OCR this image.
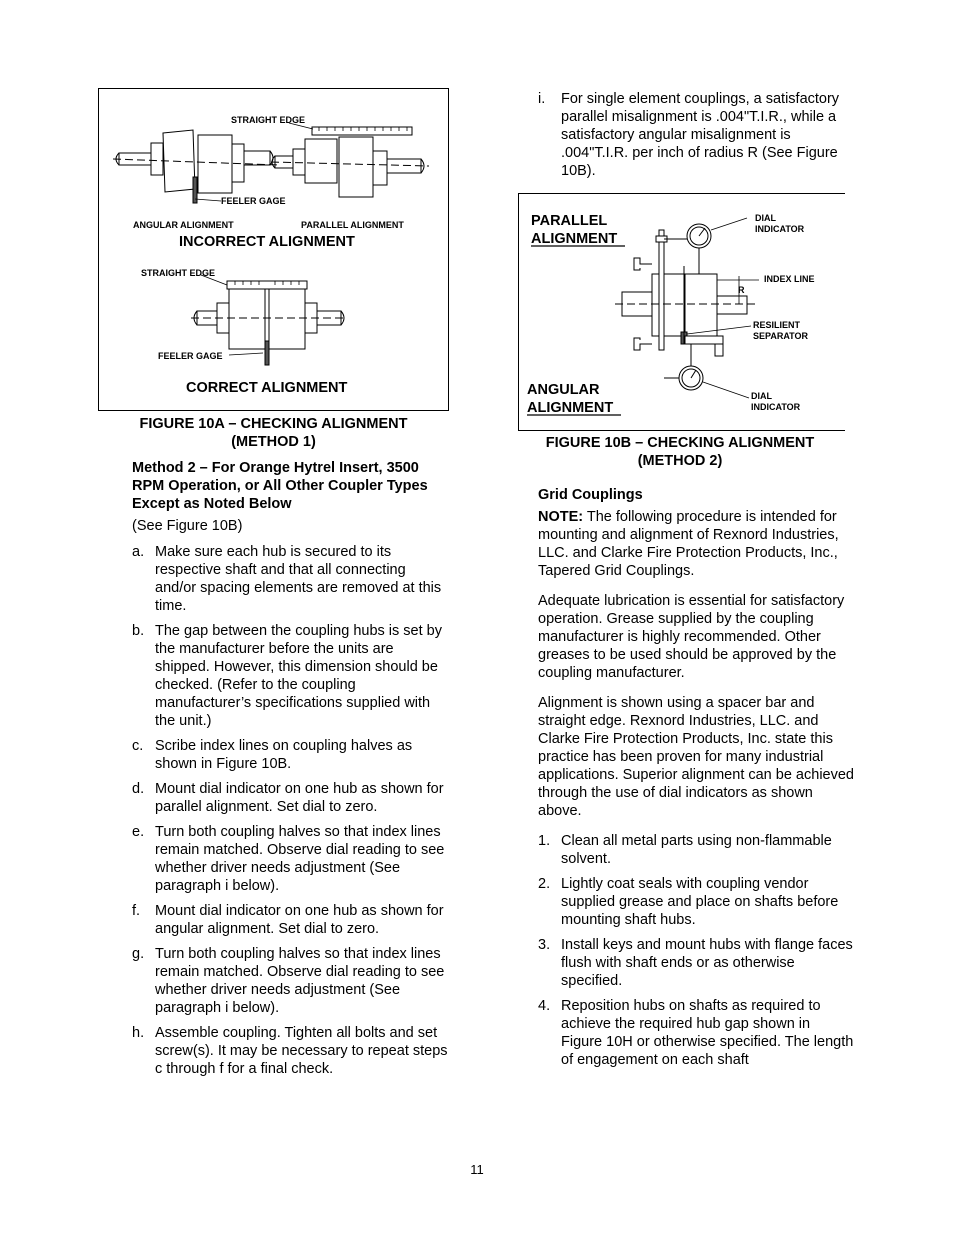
STRAIGHT EDGE
FEELER GAGE
ANGULAR ALIGNMENT	PARALLEL ALIGNMENT
INCORRECT ALIGNMENT
STRAIGHT EDGE
FEELER GAGE
CORRECT ALIGNMENT
FIGURE 10A – CHECKING ALIGNMENT
(METHOD 1)
i. For single element couplings, a satisfactory parallel misalignment is .004"T.I.R., while a satisfactory angular misalignment is .004"T.I.R. per inch of radius R (See Figure 10B).
PARALLEL
ALIGNMENT
ANGULAR
ALIGNMENT
DIAL
INDICATOR
INDEX LINE
R
RESILIENT
SEPARATOR
DIAL
INDICATOR
FIGURE 10B – CHECKING ALIGNMENT
(METHOD 2)
Method 2 – For Orange Hytrel Insert, 3500 RPM Operation, or All Other Coupler Types Except as Noted Below
(See Figure 10B)
a. Make sure each hub is secured to its respective shaft and that all connecting and/or spacing elements are removed at this time.
b. The gap between the coupling hubs is set by the manufacturer before the units are shipped. However, this dimension should be checked. (Refer to the coupling manufacturer’s specifications supplied with the unit.)
c. Scribe index lines on coupling halves as shown in Figure 10B.
d. Mount dial indicator on one hub as shown for parallel alignment. Set dial to zero.
e. Turn both coupling halves so that index lines remain matched. Observe dial reading to see whether driver needs adjustment (See paragraph i below).
f. Mount dial indicator on one hub as shown for angular alignment. Set dial to zero.
g. Turn both coupling halves so that index lines remain matched. Observe dial reading to see whether driver needs adjustment (See paragraph i below).
h. Assemble coupling. Tighten all bolts and set screw(s). It may be necessary to repeat steps c through f for a final check.
Grid Couplings
NOTE: The following procedure is intended for mounting and alignment of Rexnord Industries, LLC. and Clarke Fire Protection Products, Inc., Tapered Grid Couplings.
Adequate lubrication is essential for satisfactory operation. Grease supplied by the coupling manufacturer is highly recommended. Other greases to be used should be approved by the coupling manufacturer.
Alignment is shown using a spacer bar and straight edge. Rexnord Industries, LLC. and Clarke Fire Protection Products, Inc. state this practice has been proven for many industrial applications. Superior alignment can be achieved through the use of dial indicators as shown above.
1. Clean all metal parts using non-flammable solvent.
2. Lightly coat seals with coupling vendor supplied grease and place on shafts before mounting shaft hubs.
3. Install keys and mount hubs with flange faces flush with shaft ends or as otherwise specified.
4. Reposition hubs on shafts as required to achieve the required hub gap shown in Figure 10H or otherwise specified. The length of engagement on each shaft
11
